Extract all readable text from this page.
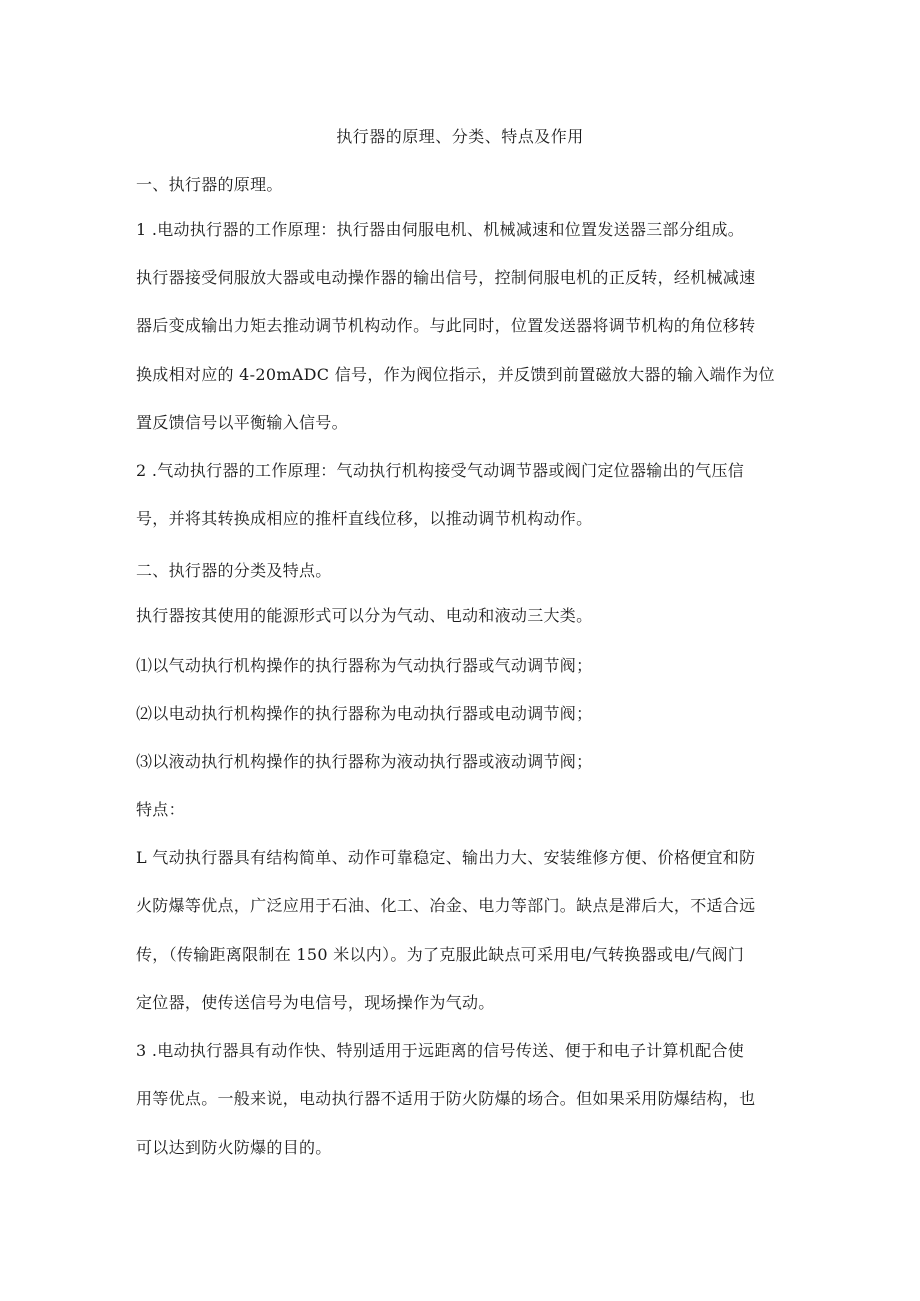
执行器的原理、分类、特点及作用
一、执行器的原理。
1 .电动执行器的工作原理：执行器由伺服电机、机械减速和位置发送器三部分组成。
执行器接受伺服放大器或电动操作器的输出信号，控制伺服电机的正反转，经机械减速
器后变成输出力矩去推动调节机构动作。与此同时，位置发送器将调节机构的角位移转
换成相对应的 4-20mADC 信号，作为阀位指示，并反馈到前置磁放大器的输入端作为位
置反馈信号以平衡输入信号。
2 .气动执行器的工作原理：气动执行机构接受气动调节器或阀门定位器输出的气压信
号，并将其转换成相应的推杆直线位移，以推动调节机构动作。
二、执行器的分类及特点。
执行器按其使用的能源形式可以分为气动、电动和液动三大类。
⑴以气动执行机构操作的执行器称为气动执行器或气动调节阀；
⑵以电动执行机构操作的执行器称为电动执行器或电动调节阀；
⑶以液动执行机构操作的执行器称为液动执行器或液动调节阀；
特点：
L 气动执行器具有结构简单、动作可靠稳定、输出力大、安装维修方便、价格便宜和防
火防爆等优点，广泛应用于石油、化工、冶金、电力等部门。缺点是滞后大，不适合远
传，（传输距离限制在 150 米以内）。为了克服此缺点可采用电/气转换器或电/气阀门
定位器，使传送信号为电信号，现场操作为气动。
3 .电动执行器具有动作快、特别适用于远距离的信号传送、便于和电子计算机配合使
用等优点。一般来说，电动执行器不适用于防火防爆的场合。但如果采用防爆结构，也
可以达到防火防爆的目的。
